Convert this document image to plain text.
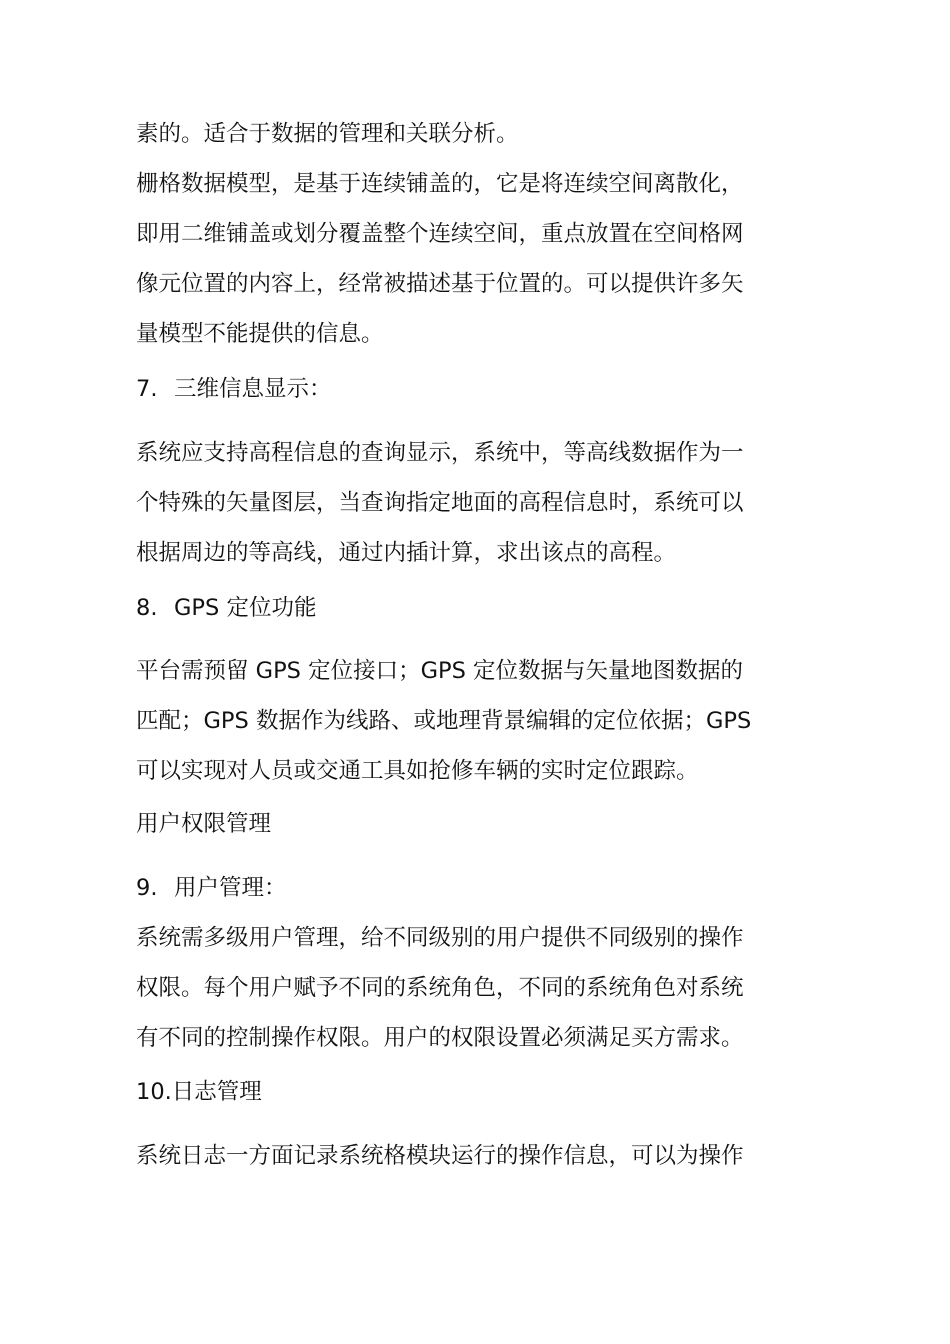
素的。适合于数据的管理和关联分析。
栅格数据模型，是基于连续铺盖的，它是将连续空间离散化，
即用二维铺盖或划分覆盖整个连续空间，重点放置在空间格网
像元位置的内容上，经常被描述基于位置的。可以提供许多矢
量模型不能提供的信息。
7. 三维信息显示：
系统应支持高程信息的查询显示，系统中，等高线数据作为一
个特殊的矢量图层，当查询指定地面的高程信息时，系统可以
根据周边的等高线，通过内插计算，求出该点的高程。
8. GPS 定位功能
平台需预留 GPS 定位接口；GPS 定位数据与矢量地图数据的
匹配；GPS 数据作为线路、或地理背景编辑的定位依据；GPS
可以实现对人员或交通工具如抢修车辆的实时定位跟踪。
用户权限管理
9. 用户管理：
系统需多级用户管理，给不同级别的用户提供不同级别的操作
权限。每个用户赋予不同的系统角色，不同的系统角色对系统
有不同的控制操作权限。用户的权限设置必须满足买方需求。
10.日志管理
系统日志一方面记录系统格模块运行的操作信息，可以为操作
